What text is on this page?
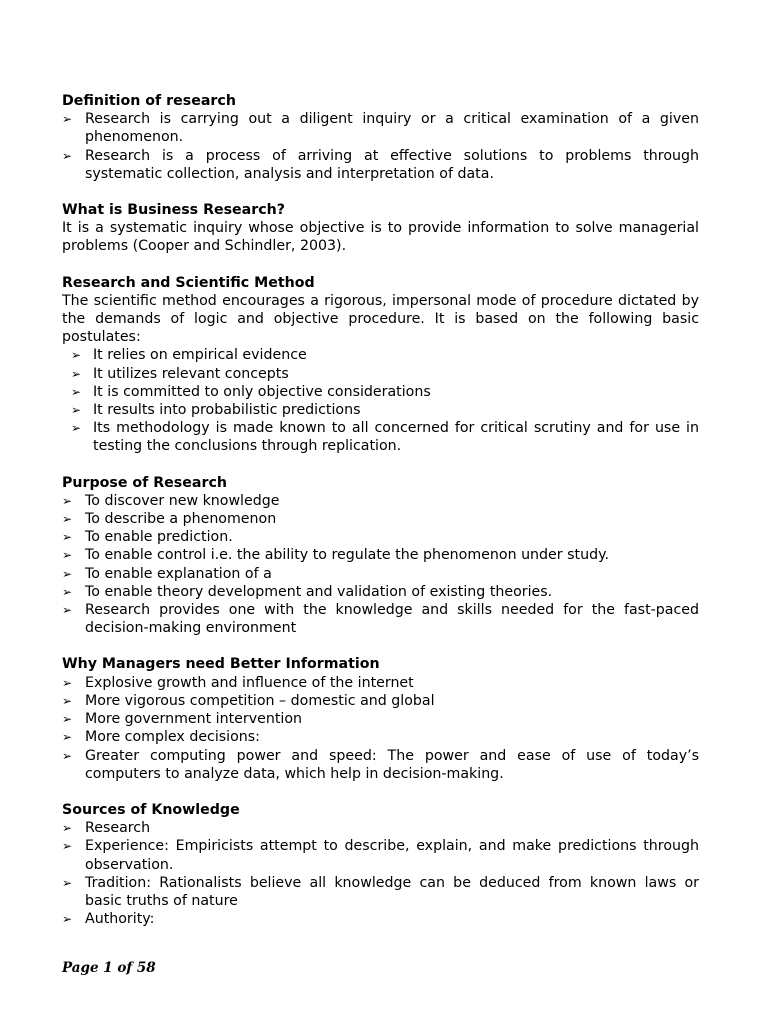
Definition of research

➢ Research is carrying out a diligent inquiry or a critical examination of a given phenomenon.
➢ Research is a process of arriving at effective solutions to problems through systematic collection, analysis and interpretation of data.

What is Business Research?

It is a systematic inquiry whose objective is to provide information to solve managerial problems (Cooper and Schindler, 2003).

Research and Scientific Method

The scientific method encourages a rigorous, impersonal mode of procedure dictated by the demands of logic and objective procedure. It is based on the following basic postulates:

➢ It relies on empirical evidence
➢ It utilizes relevant concepts
➢ It is committed to only objective considerations
➢ It results into probabilistic predictions
➢ Its methodology is made known to all concerned for critical scrutiny and for use in testing the conclusions through replication.

Purpose of Research

➢ To discover new knowledge
➢ To describe a phenomenon
➢ To enable prediction.
➢ To enable control i.e. the ability to regulate the phenomenon under study.
➢ To enable explanation of a
➢ To enable theory development and validation of existing theories.
➢ Research provides one with the knowledge and skills needed for the fast-paced decision-making environment

Why Managers need Better Information

➢ Explosive growth and influence of the internet
➢ More vigorous competition – domestic and global
➢ More government intervention
➢ More complex decisions:
➢ Greater computing power and speed: The power and ease of use of today’s computers to analyze data, which help in decision-making.

Sources of Knowledge

➢ Research
➢ Experience: Empiricists attempt to describe, explain, and make predictions through observation.
➢ Tradition: Rationalists believe all knowledge can be deduced from known laws or basic truths of nature
➢ Authority:
Page 1 of 58
